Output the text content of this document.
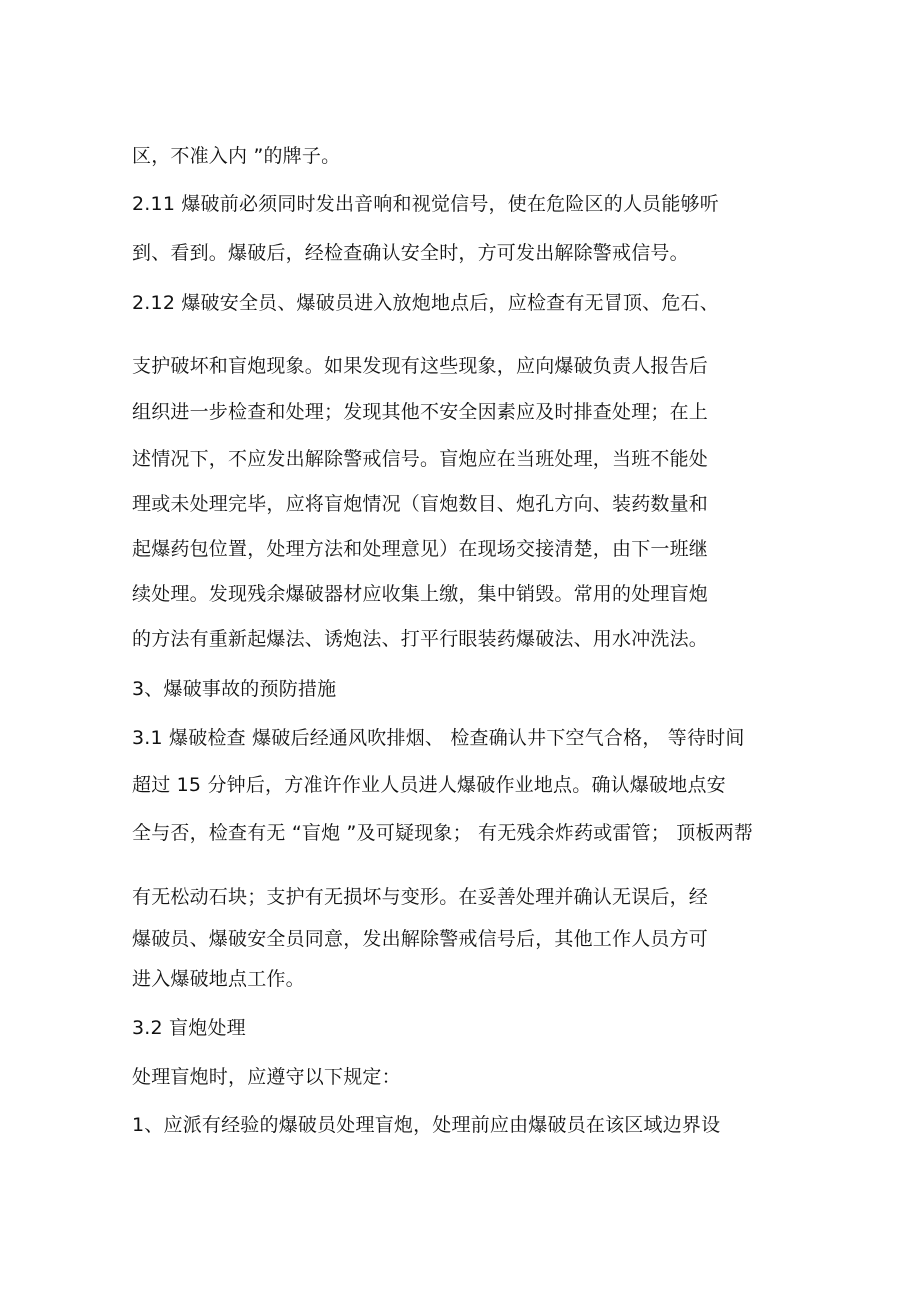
区，不准入内 ”的牌子。
2.11 爆破前必须同时发出音响和视觉信号，使在危险区的人员能够听
到、看到。爆破后，经检查确认安全时，方可发出解除警戒信号。
2.12 爆破安全员、爆破员进入放炮地点后，应检查有无冒顶、危石、
支护破坏和盲炮现象。如果发现有这些现象，应向爆破负责人报告后
组织进一步检查和处理；发现其他不安全因素应及时排查处理；在上
述情况下，不应发出解除警戒信号。盲炮应在当班处理，当班不能处
理或未处理完毕，应将盲炮情况（盲炮数目、炮孔方向、装药数量和
起爆药包位置，处理方法和处理意见）在现场交接清楚，由下一班继
续处理。发现残余爆破器材应收集上缴，集中销毁。常用的处理盲炮
的方法有重新起爆法、诱炮法、打平行眼装药爆破法、用水冲洗法。
3、爆破事故的预防措施
3.1 爆破检查 爆破后经通风吹排烟、 检查确认井下空气合格， 等待时间
超过 15 分钟后，方准许作业人员进人爆破作业地点。确认爆破地点安
全与否，检查有无 “盲炮 ”及可疑现象； 有无残余炸药或雷管； 顶板两帮
有无松动石块；支护有无损坏与变形。在妥善处理并确认无误后，经
爆破员、爆破安全员同意，发出解除警戒信号后，其他工作人员方可
进入爆破地点工作。
3.2 盲炮处理
处理盲炮时，应遵守以下规定：
1、应派有经验的爆破员处理盲炮，处理前应由爆破员在该区域边界设
